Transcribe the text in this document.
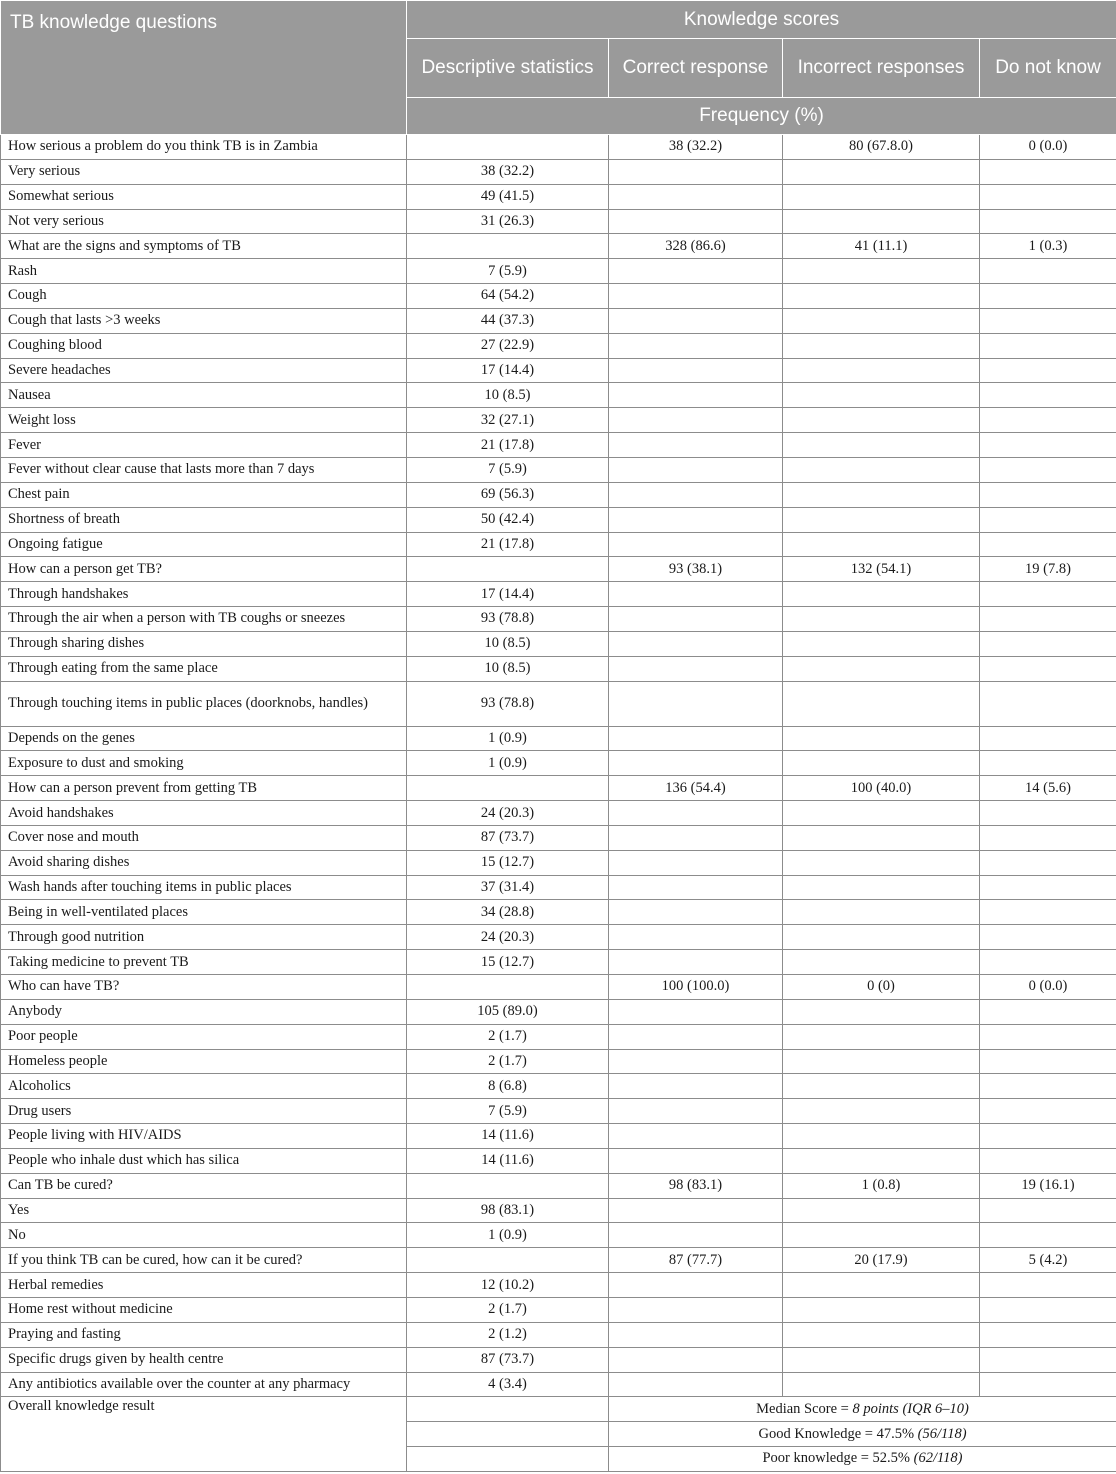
TB knowledge questions	Knowledge scores			
	Descriptive statistics	Correct response	Incorrect responses	Do not know
	Frequency (%)			
How serious a problem do you think TB is in Zambia		38 (32.2)	80 (67.8.0)	0 (0.0)
Very serious	38 (32.2)			
Somewhat serious	49 (41.5)			
Not very serious	31 (26.3)			
What are the signs and symptoms of TB		328 (86.6)	41 (11.1)	1 (0.3)
Rash	7 (5.9)			
Cough	64 (54.2)			
Cough that lasts >3 weeks	44 (37.3)			
Coughing blood	27 (22.9)			
Severe headaches	17 (14.4)			
Nausea	10 (8.5)			
Weight loss	32 (27.1)			
Fever	21 (17.8)			
Fever without clear cause that lasts more than 7 days	7 (5.9)			
Chest pain	69 (56.3)			
Shortness of breath	50 (42.4)			
Ongoing fatigue	21 (17.8)			
How can a person get TB?		93 (38.1)	132 (54.1)	19 (7.8)
Through handshakes	17 (14.4)			
Through the air when a person with TB coughs or sneezes	93 (78.8)			
Through sharing dishes	10 (8.5)			
Through eating from the same place	10 (8.5)			
Through touching items in public places (doorknobs, handles)	93 (78.8)			
Depends on the genes	1 (0.9)			
Exposure to dust and smoking	1 (0.9)			
How can a person prevent from getting TB		136 (54.4)	100 (40.0)	14 (5.6)
Avoid handshakes	24 (20.3)			
Cover nose and mouth	87 (73.7)			
Avoid sharing dishes	15 (12.7)			
Wash hands after touching items in public places	37 (31.4)			
Being in well-ventilated places	34 (28.8)			
Through good nutrition	24 (20.3)			
Taking medicine to prevent TB	15 (12.7)			
Who can have TB?		100 (100.0)	0 (0)	0 (0.0)
Anybody	105 (89.0)			
Poor people	2 (1.7)			
Homeless people	2 (1.7)			
Alcoholics	8 (6.8)			
Drug users	7 (5.9)			
People living with HIV/AIDS	14 (11.6)			
People who inhale dust which has silica	14 (11.6)			
Can TB be cured?		98 (83.1)	1 (0.8)	19 (16.1)
Yes	98 (83.1)			
No	1 (0.9)			
If you think TB can be cured, how can it be cured?		87 (77.7)	20 (17.9)	5 (4.2)
Herbal remedies	12 (10.2)			
Home rest without medicine	2 (1.7)			
Praying and fasting	2 (1.2)			
Specific drugs given by health centre	87 (73.7)			
Any antibiotics available over the counter at any pharmacy	4 (3.4)			
Overall knowledge result		Median Score = 8 points (IQR 6–10)		
		Good Knowledge = 47.5% (56/118)		
		Poor knowledge = 52.5% (62/118)		
